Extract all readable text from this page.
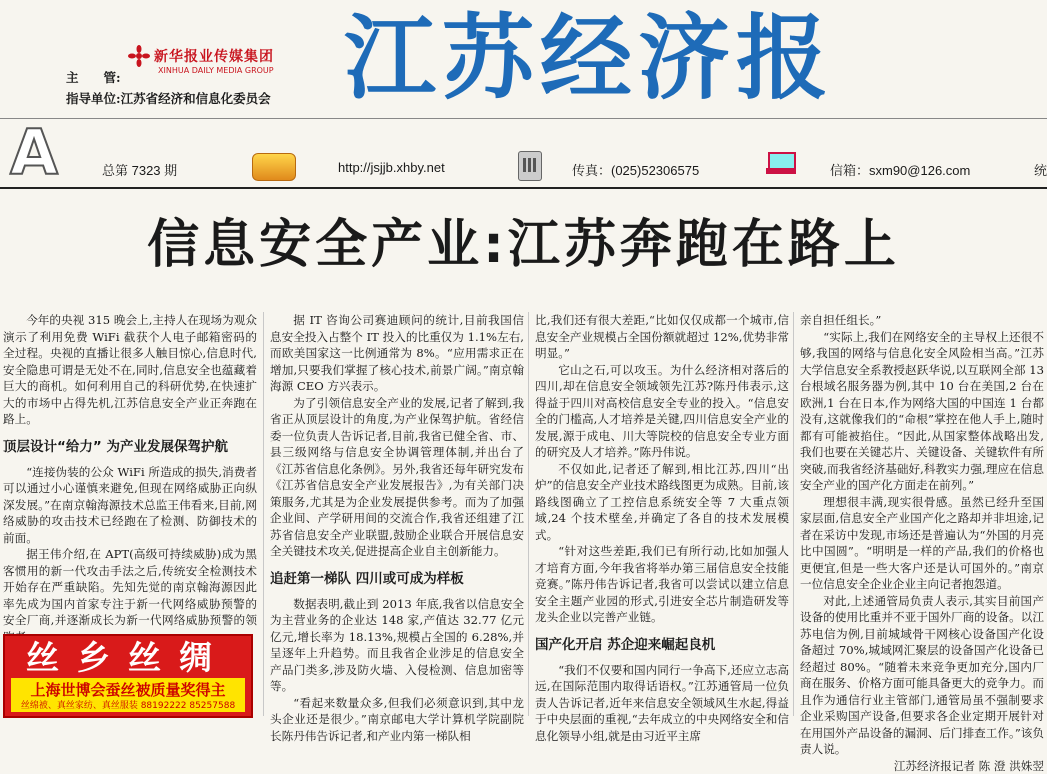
新华报业传媒集团
XINHUA DAILY MEDIA GROUP
主　　管:
指导单位:江苏省经济和信息化委员会 江苏经济报
A	总第 7323 期	http://jsjjb.xhby.net	传真：(025)52306575	信箱：sxm90@126.com	统
信息安全产业:江苏奔跑在路上

今年的央视 315 晚会上,主持人在现场为观众演示了利用免费 WiFi 截获个人电子邮箱密码的全过程。央视的直播让很多人触目惊心,信息时代,安全隐患可谓是无处不在,同时,信息安全也蕴藏着巨大的商机。如何利用自己的科研优势,在快速扩大的市场中占得先机,江苏信息安全产业正奔跑在路上。

顶层设计“给力” 为产业发展保驾护航

“连接伪装的公众 WiFi 所造成的损失,消费者可以通过小心谨慎来避免,但现在网络威胁正向纵深发展。”在南京翰海源技术总监王伟看来,目前,网络威胁的攻击技术已经跑在了检测、防御技术的前面。

据王伟介绍,在 APT(高级可持续威胁)成为黑客惯用的新一代攻击手法之后,传统安全检测技术开始存在严重缺陷。先知先觉的南京翰海源因此率先成为国内首家专注于新一代网络威胁预警的安全厂商,并逐渐成长为新一代网络威胁预警的领

据 IT 咨询公司赛迪顾问的统计,目前我国信息安全投入占整个 IT 投入的比重仅为 1.1%左右,而欧美国家这一比例通常为 8%。“应用需求正在增加,只要我们掌握了核心技术,前景广阔。”南京翰海源 CEO 方兴表示。

为了引领信息安全产业的发展,记者了解到,我省正从顶层设计的角度,为产业保驾护航。省经信委一位负责人告诉记者,目前,我省已健全省、市、县三级网络与信息安全协调管理体制,并出台了《江苏省信息化条例》。另外,我省还每年研究发布《江苏省信息安全产业发展报告》,为有关部门决策服务,尤其是为企业发展提供参考。而为了加强企业间、产学研用间的交流合作,我省还组建了江苏省信息安全产业联盟,鼓励企业联合开展信息安全关键技术攻关,促进提高企业自主创新能力。

追赶第一梯队 四川或可成为样板

数据表明,截止到 2013 年底,我省以信息安全为主营业务的企业达 148 家,产值达 32.77 亿元亿元,增长率为 18.13%,规模占全国的 6.28%,并呈逐年上升趋势。而且我省企业涉足的信息安全产品门类多,涉及防火墙、入侵检测、信息加密等等。

“看起来数量众多,但我们必须意识到,其中龙头企业还是很少。”南京邮电大学计算机学院副院长陈丹伟告诉记者,和产业内第一梯队相

比,我们还有很大差距,“比如仅仅成都一个城市,信息安全产业规模占全国份额就超过 12%,优势非常明显。”

它山之石,可以攻玉。为什么经济相对落后的四川,却在信息安全领域领先江苏?陈丹伟表示,这得益于四川对高校信息安全专业的投入。“信息安全的门槛高,人才培养是关键,四川信息安全产业的发展,源于成电、川大等院校的信息安全专业方面的研究及人才培养。”陈丹伟说。

不仅如此,记者还了解到,相比江苏,四川“出炉”的信息安全产业技术路线图更为成熟。目前,该路线图确立了工控信息系统安全等 7 大重点领域,24 个技术壁垒,并确定了各自的技术发展模式。

“针对这些差距,我们已有所行动,比如加强人才培育方面,今年我省将举办第三届信息安全技能竞赛。”陈丹伟告诉记者,我省可以尝试以建立信息安全主题产业园的形式,引进安全芯片制造研发等龙头企业以完善产业链。

国产化开启 苏企迎来崛起良机

“我们不仅要和国内同行一争高下,还应立志高远,在国际范围内取得话语权。”江苏通管局一位负责人告诉记者,近年来信息安全领域风生水起,得益于中央层面的重视,“去年成立的中央网络安全和信息化领导小组,就是由习近平主席

亲自担任组长。”

“实际上,我们在网络安全的主导权上还很不够,我国的网络与信息化安全风险相当高。”江苏大学信息安全系教授赵跃华说,以互联网全部 13 台根域名服务器为例,其中 10 台在美国,2 台在欧洲,1 台在日本,作为网络大国的中国连 1 台都没有,这就像我们的“命根”掌控在他人手上,随时都有可能被掐住。“因此,从国家整体战略出发,我们也要在关键芯片、关键设备、关键软件有所突破,而我省经济基础好,科教实力强,理应在信息安全产业的国产化方面走在前列。”

理想很丰满,现实很骨感。虽然已经升至国家层面,信息安全产业国产化之路却并非坦途,记者在采访中发现,市场还是普遍认为“外国的月亮比中国圆”。“明明是一样的产品,我们的价格也更便宜,但是一些大客户还是认可国外的。”南京一位信息安全企业企业主向记者抱怨道。

对此,上述通管局负责人表示,其实目前国产设备的使用比重并不亚于国外厂商的设备。以江苏电信为例,目前城域骨干网核心设备国产化设备超过 70%,城域网汇聚层的设备国产化设备已经超过 80%。“随着未来竞争更加充分,国内厂商在服务、价格方面可能具备更大的竞争力。而且作为通信行业主管部门,通管局虽不强制要求企业采购国产设备,但要求各企业定期开展针对在用国外产品设备的漏洞、后门排查工作。”该负责人说。

江苏经济报记者 陈 澄 洪姝翌

丝乡丝绸
上海世博会蚕丝被质量奖得主
丝绵被、真丝家纺、真丝服装 88192222 85257588
